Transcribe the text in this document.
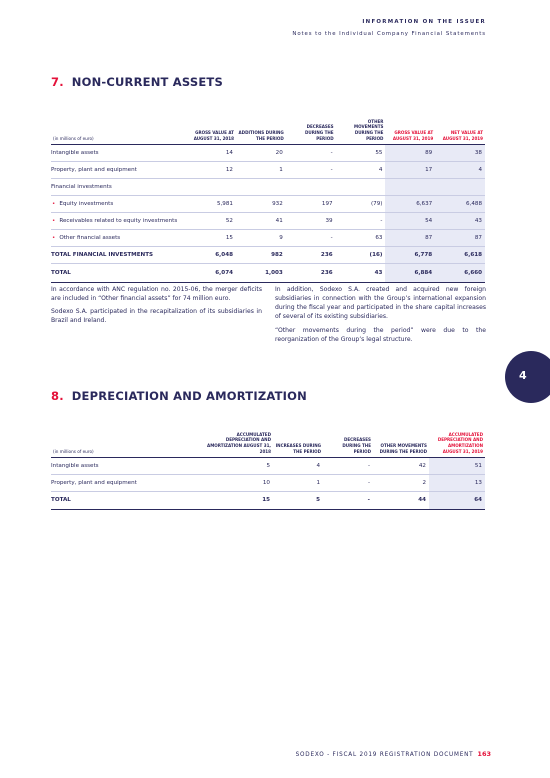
INFORMATION ON THE ISSUER
Notes to the Individual Company Financial Statements
7. NON-CURRENT ASSETS
(in millions of euro)	GROSS VALUE AT AUGUST 31, 2018	ADDITIONS DURING THE PERIOD	DECREASES DURING THE PERIOD	OTHER MOVEMENTS DURING THE PERIOD	GROSS VALUE AT AUGUST 31, 2019	NET VALUE AT AUGUST 31, 2019
Intangible assets	14	20	-	55	89	38
Property, plant and equipment	12	1	-	4	17	4
Financial investments						
• Equity investments	5,981	932	197	(79)	6,637	6,488
• Receivables related to equity investments	52	41	39	-	54	43
• Other financial assets	15	9	-	63	87	87
TOTAL FINANCIAL INVESTMENTS	6,048	982	236	(16)	6,778	6,618
TOTAL	6,074	1,003	236	43	6,884	6,660

In accordance with ANC regulation no. 2015-06, the merger deficits are included in “Other financial assets” for 74 million euro.

Sodexo S.A. participated in the recapitalization of its subsidiaries in Brazil and Ireland.

In addition, Sodexo S.A. created and acquired new foreign subsidiaries in connection with the Group’s international expansion during the fiscal year and participated in the share capital increases of several of its existing subsidiaries.

“Other movements during the period” were due to the reorganization of the Group’s legal structure.

4
8. DEPRECIATION AND AMORTIZATION
(in millions of euro)	ACCUMULATED DEPRECIATION AND AMORTIZATION AUGUST 31, 2018	INCREASES DURING THE PERIOD	DECREASES DURING THE PERIOD	OTHER MOVEMENTS DURING THE PERIOD	ACCUMULATED DEPRECIATION AND AMORTIZATION AUGUST 31, 2019
Intangible assets	5	4	-	42	51
Property, plant and equipment	10	1	-	2	13
TOTAL	15	5	-	44	64
SODEXO - FISCAL 2019 REGISTRATION DOCUMENT 163
